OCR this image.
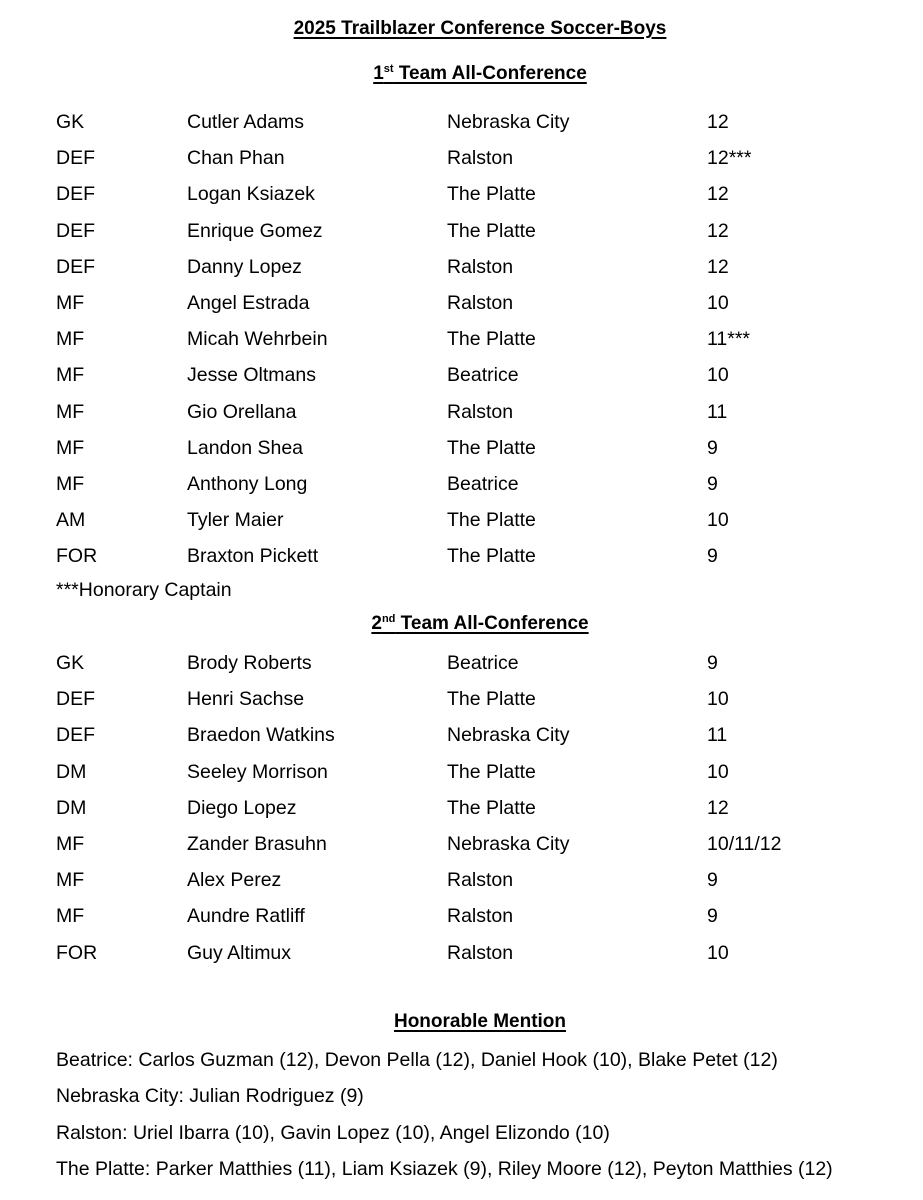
2025 Trailblazer Conference Soccer-Boys
1st Team All-Conference
GK	Cutler Adams	Nebraska City	12
DEF	Chan Phan	Ralston	12***
DEF	Logan Ksiazek	The Platte	12
DEF	Enrique Gomez	The Platte	12
DEF	Danny Lopez	Ralston	12
MF	Angel Estrada	Ralston	10
MF	Micah Wehrbein	The Platte	11***
MF	Jesse Oltmans	Beatrice	10
MF	Gio Orellana	Ralston	11
MF	Landon Shea	The Platte	9
MF	Anthony Long	Beatrice	9
AM	Tyler Maier	The Platte	10
FOR	Braxton Pickett	The Platte	9
***Honorary Captain
2nd Team All-Conference
GK	Brody Roberts	Beatrice	9
DEF	Henri Sachse	The Platte	10
DEF	Braedon Watkins	Nebraska City	11
DM	Seeley Morrison	The Platte	10
DM	Diego Lopez	The Platte	12
MF	Zander Brasuhn	Nebraska City	10/11/12
MF	Alex Perez	Ralston	9
MF	Aundre Ratliff	Ralston	9
FOR	Guy Altimux	Ralston	10
Honorable Mention
Beatrice: Carlos Guzman (12), Devon Pella (12), Daniel Hook (10), Blake Petet (12)
Nebraska City: Julian Rodriguez (9)
Ralston: Uriel Ibarra (10), Gavin Lopez (10), Angel Elizondo (10)
The Platte: Parker Matthies (11), Liam Ksiazek (9), Riley Moore (12), Peyton Matthies (12)
